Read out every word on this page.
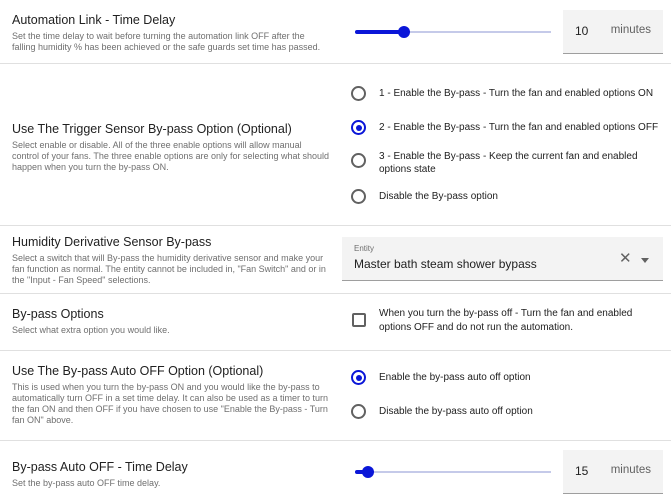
Automation Link - Time Delay
Set the time delay to wait before turning the automation link OFF after the falling humidity % has been achieved or the safe guards set time has passed.
10 minutes
Use The Trigger Sensor By-pass Option (Optional)
Select enable or disable. All of the three enable options will allow manual control of your fans. The three enable options are only for selecting what should happen when you turn the by-pass ON.
1 - Enable the By-pass - Turn the fan and enabled options ON
2 - Enable the By-pass - Turn the fan and enabled options OFF
3 - Enable the By-pass - Keep the current fan and enabled options state
Disable the By-pass option
Humidity Derivative Sensor By-pass
Select a switch that will By-pass the humidity derivative sensor and make your fan function as normal. The entity cannot be included in, "Fan Switch" and or in the "Input - Fan Speed" selections.
Entity
Master bath steam shower bypass	✕
By-pass Options
Select what extra option you would like.
When you turn the by-pass off - Turn the fan and enabled options OFF and do not run the automation.
Use The By-pass Auto OFF Option (Optional)
This is used when you turn the by-pass ON and you would like the by-pass to automatically turn OFF in a set time delay. It can also be used as a timer to turn the fan ON and then OFF if you have chosen to use "Enable the By-pass - Turn fan ON" above.
Enable the by-pass auto off option
Disable the by-pass auto off option
By-pass Auto OFF - Time Delay
Set the by-pass auto OFF time delay.
15 minutes
